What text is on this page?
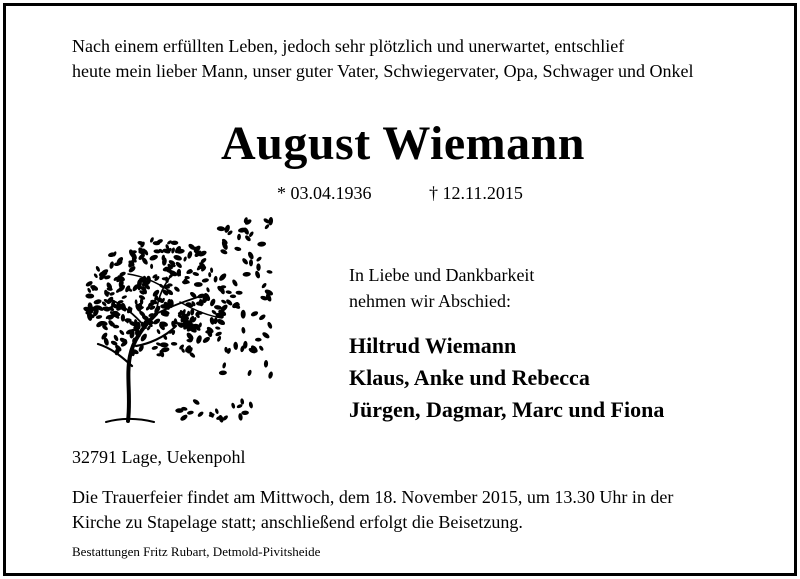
Nach einem erfüllten Leben, jedoch sehr plötzlich und unerwartet, entschlief
heute mein lieber Mann, unser guter Vater, Schwiegervater, Opa, Schwager und Onkel
August Wiemann
* 03.04.1936	† 12.11.2015
In Liebe und Dankbarkeit
nehmen wir Abschied:
Hiltrud Wiemann
Klaus, Anke und Rebecca
Jürgen, Dagmar, Marc und Fiona
32791 Lage, Uekenpohl
Die Trauerfeier findet am Mittwoch, dem 18. November 2015, um 13.30 Uhr in der
Kirche zu Stapelage statt; anschließend erfolgt die Beisetzung.
Bestattungen Fritz Rubart, Detmold-Pivitsheide
